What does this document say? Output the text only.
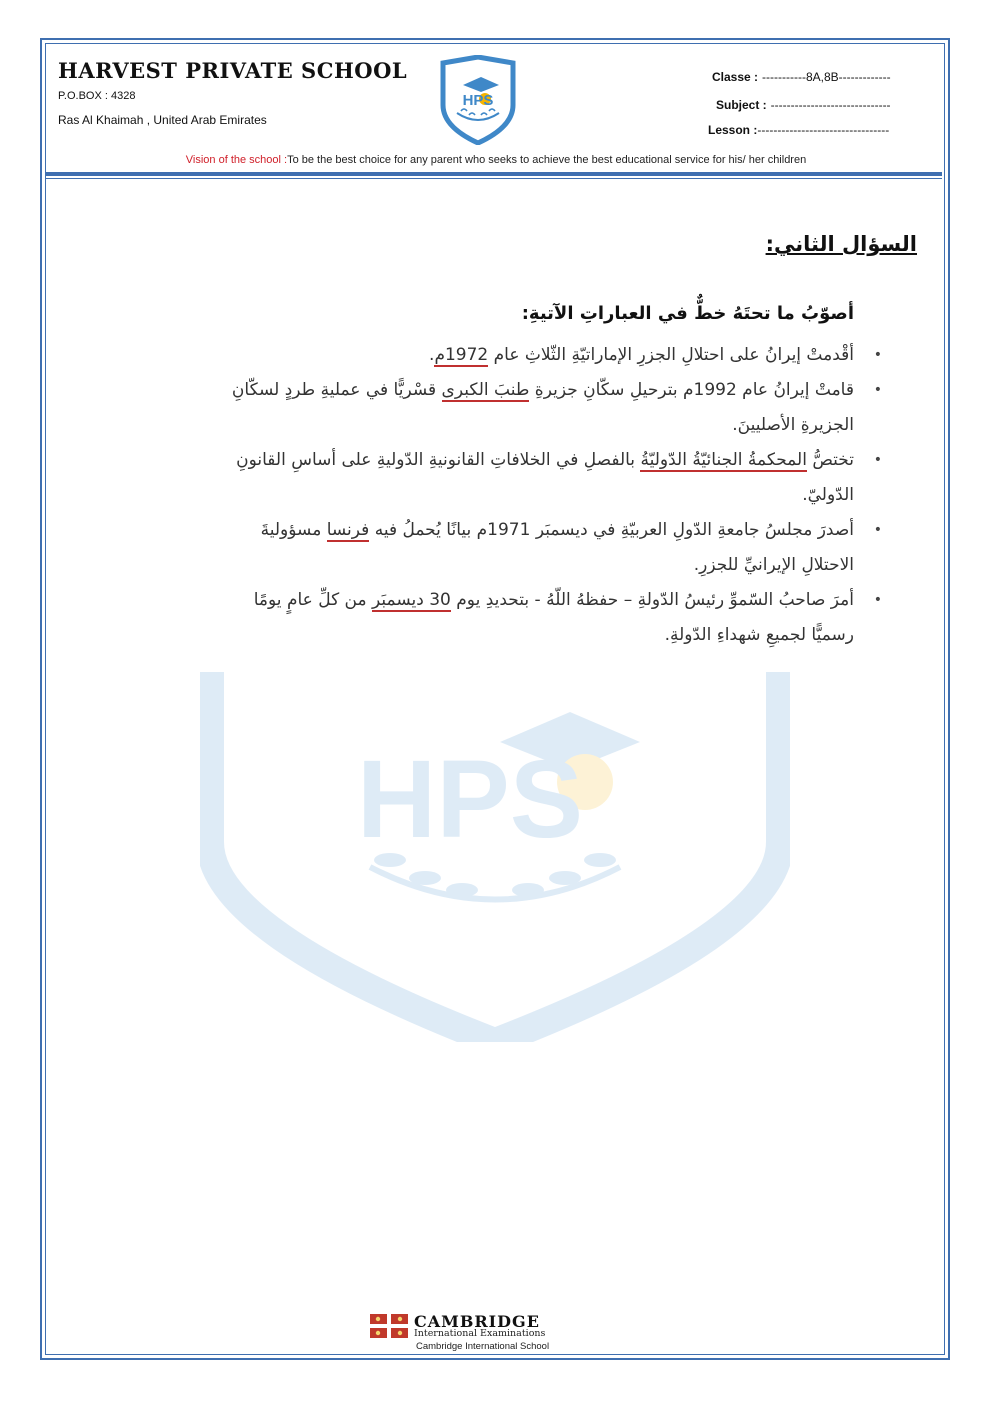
HARVEST PRIVATE SCHOOL
P.O.BOX : 4328
Ras Al Khaimah , United Arab Emirates
HPS
Classe : -----------8A,8B-------------
Subject : ------------------------------
Lesson :---------------------------------
Vision of the school :To be the best choice for any parent who seeks to achieve the best educational service for his/ her children
HPS
السؤال الثاني:

أصوّبُ ما تحتَهُ خطٌّ في العباراتِ الآتيةِ:

•
أقْدمتْ إيرانُ على احتلالِ الجزرِ الإماراتيّةِ الثّلاثِ عام 1972م.
•
قامتْ إيرانُ عام 1992م بترحيلِ سكّانِ جزيرةِ طنبَ الكبرى قسْريًّا في عمليةِ طردٍ لسكّانِ الجزيرةِ الأصليينَ.
•
تختصُّ المحكمةُ الجنائيّةُ الدّوليّةُ بالفصلِ في الخلافاتِ القانونيةِ الدّوليةِ على أساسِ القانونِ الدّوليّ.
•
أصدرَ مجلسُ جامعةِ الدّولِ العربيّةِ في ديسمبَر 1971م بيانًا يُحملُ فيه فرنسا مسؤوليةَ الاحتلالِ الإيرانيِّ للجزرِ.
•
أمرَ صاحبُ السّموِّ رئيسُ الدّولةِ – حفظهُ اللّهُ - بتحديدِ يوم 30 ديسمبَر من كلِّ عامٍ يومًا رسميًّا لجميعِ شهداءِ الدّولةِ.
CAMBRIDGE
International Examinations
Cambridge International School
